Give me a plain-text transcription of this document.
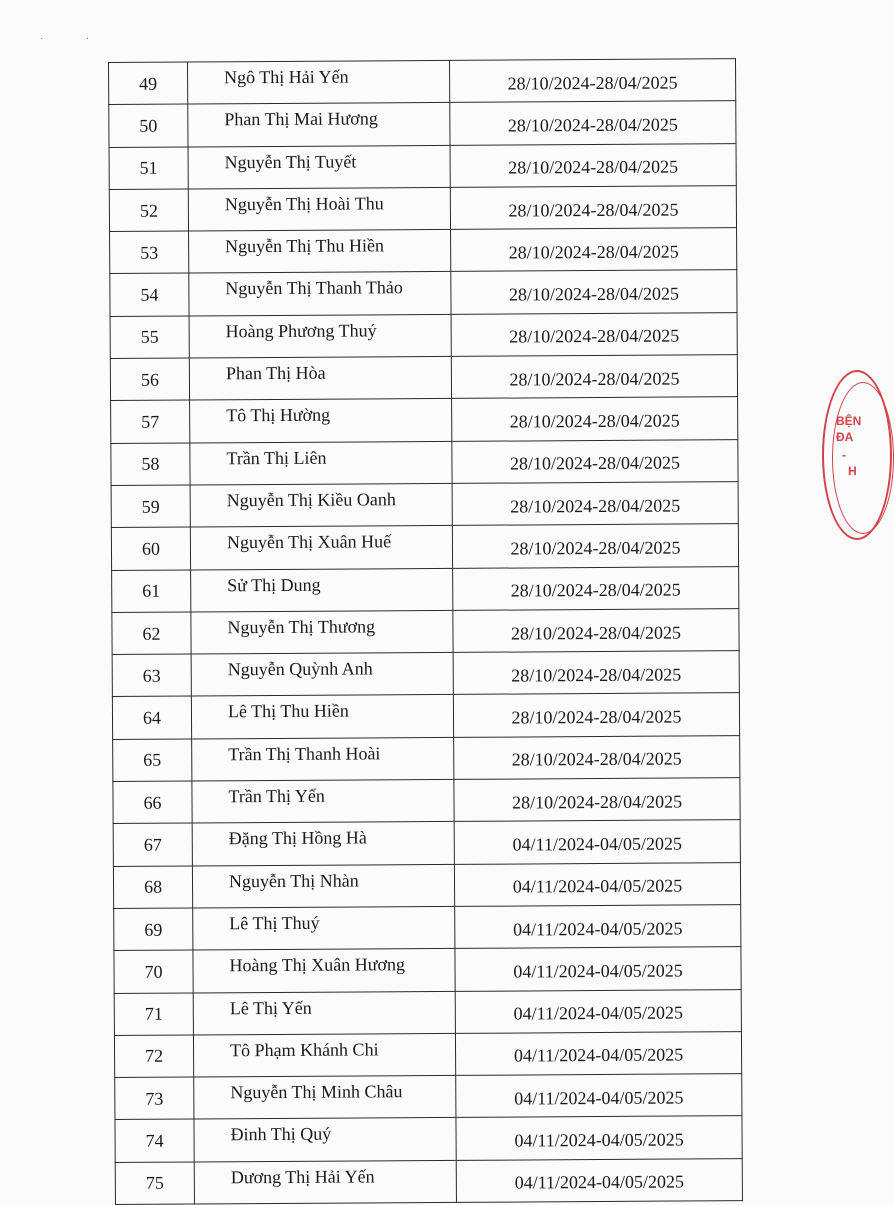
· ·
49	Ngô Thị Hải Yến	28/10/2024-28/04/2025
50	Phan Thị Mai Hương	28/10/2024-28/04/2025
51	Nguyễn Thị Tuyết	28/10/2024-28/04/2025
52	Nguyễn Thị Hoài Thu	28/10/2024-28/04/2025
53	Nguyễn Thị Thu Hiền	28/10/2024-28/04/2025
54	Nguyễn Thị Thanh Thảo	28/10/2024-28/04/2025
55	Hoàng Phương Thuý	28/10/2024-28/04/2025
56	Phan Thị Hòa	28/10/2024-28/04/2025
57	Tô Thị Hường	28/10/2024-28/04/2025
58	Trần Thị Liên	28/10/2024-28/04/2025
59	Nguyễn Thị Kiều Oanh	28/10/2024-28/04/2025
60	Nguyễn Thị Xuân Huế	28/10/2024-28/04/2025
61	Sử Thị Dung	28/10/2024-28/04/2025
62	Nguyễn Thị Thương	28/10/2024-28/04/2025
63	Nguyễn Quỳnh Anh	28/10/2024-28/04/2025
64	Lê Thị Thu Hiền	28/10/2024-28/04/2025
65	Trần Thị Thanh Hoài	28/10/2024-28/04/2025
66	Trần Thị Yến	28/10/2024-28/04/2025
67	Đặng Thị Hồng Hà	04/11/2024-04/05/2025
68	Nguyễn Thị Nhàn	04/11/2024-04/05/2025
69	Lê Thị Thuý	04/11/2024-04/05/2025
70	Hoàng Thị Xuân Hương	04/11/2024-04/05/2025
71	Lê Thị Yến	04/11/2024-04/05/2025
72	Tô Phạm Khánh Chi	04/11/2024-04/05/2025
73	Nguyễn Thị Minh Châu	04/11/2024-04/05/2025
74	Đinh Thị Quý	04/11/2024-04/05/2025
75	Dương Thị Hải Yến	04/11/2024-04/05/2025
BỆN
ĐA
-
H
